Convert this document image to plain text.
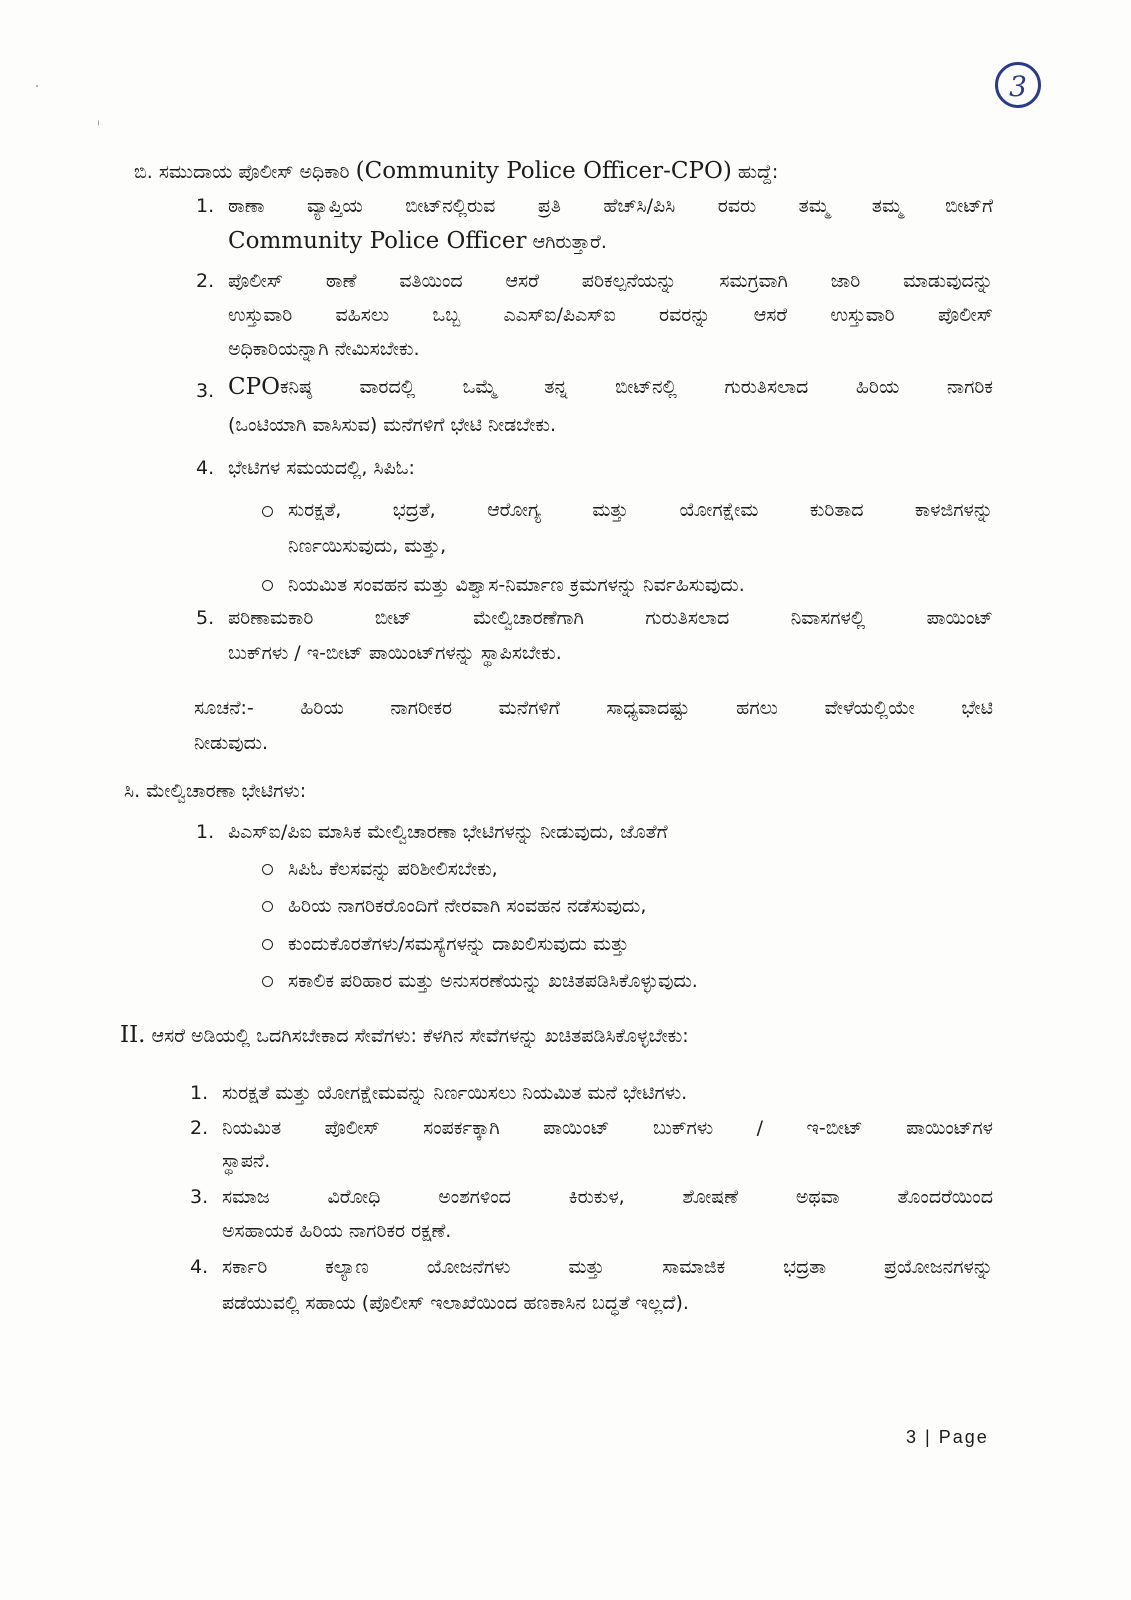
3
ಬಿ. ಸಮುದಾಯ ಪೊಲೀಸ್ ಅಧಿಕಾರಿ (Community Police Officer-CPO) ಹುದ್ದೆ:
1. ಠಾಣಾ ವ್ಯಾಪ್ತಿಯ ಬೀಟ್‌ನಲ್ಲಿರುವ ಪ್ರತಿ ಹೆಚ್‌ಸಿ/ಪಿಸಿ ರವರು ತಮ್ಮ ತಮ್ಮ ಬೀಟ್‌ಗೆ
Community Police Officer ಆಗಿರುತ್ತಾರೆ.
2. ಪೊಲೀಸ್ ಠಾಣೆ ವತಿಯಿಂದ ಆಸರೆ ಪರಿಕಲ್ಪನೆಯನ್ನು ಸಮಗ್ರವಾಗಿ ಜಾರಿ ಮಾಡುವುದನ್ನು
ಉಸ್ತುವಾರಿ ವಹಿಸಲು ಒಬ್ಬ ಎಎಸ್‌ಐ/ಪಿಎಸ್‌ಐ ರವರನ್ನು ಆಸರೆ ಉಸ್ತುವಾರಿ ಪೊಲೀಸ್
ಅಧಿಕಾರಿಯನ್ನಾಗಿ ನೇಮಿಸಬೇಕು.
3. CPO ಕನಿಷ್ಠ ವಾರದಲ್ಲಿ ಒಮ್ಮೆ ತನ್ನ ಬೀಟ್‌ನಲ್ಲಿ ಗುರುತಿಸಲಾದ ಹಿರಿಯ ನಾಗರಿಕ
(ಒಂಟಿಯಾಗಿ ವಾಸಿಸುವ) ಮನೆಗಳಿಗೆ ಭೇಟಿ ನೀಡಬೇಕು.
4. ಭೇಟಿಗಳ ಸಮಯದಲ್ಲಿ, ಸಿಪಿಓ:
ಸುರಕ್ಷತೆ, ಭದ್ರತೆ, ಆರೋಗ್ಯ ಮತ್ತು ಯೋಗಕ್ಷೇಮ ಕುರಿತಾದ ಕಾಳಜಿಗಳನ್ನು
ನಿರ್ಣಯಿಸುವುದು, ಮತ್ತು,
ನಿಯಮಿತ ಸಂವಹನ ಮತ್ತು ವಿಶ್ವಾಸ-ನಿರ್ಮಾಣ ಕ್ರಮಗಳನ್ನು ನಿರ್ವಹಿಸುವುದು.
5. ಪರಿಣಾಮಕಾರಿ ಬೀಟ್ ಮೇಲ್ವಿಚಾರಣೆಗಾಗಿ ಗುರುತಿಸಲಾದ ನಿವಾಸಗಳಲ್ಲಿ ಪಾಯಿಂಟ್
ಬುಕ್‌ಗಳು / ಇ-ಬೀಟ್ ಪಾಯಿಂಟ್‌ಗಳನ್ನು ಸ್ಥಾಪಿಸಬೇಕು.
ಸೂಚನೆ:- ಹಿರಿಯ ನಾಗರೀಕರ ಮನೆಗಳಿಗೆ ಸಾಧ್ಯವಾದಷ್ಟು ಹಗಲು ವೇಳೆಯಲ್ಲಿಯೇ ಭೇಟಿ
ನೀಡುವುದು.
ಸಿ. ಮೇಲ್ವಿಚಾರಣಾ ಭೇಟಿಗಳು:
1. ಪಿಎಸ್‌ಐ/ಪಿಐ ಮಾಸಿಕ ಮೇಲ್ವಿಚಾರಣಾ ಭೇಟಿಗಳನ್ನು ನೀಡುವುದು, ಜೊತೆಗೆ
ಸಿಪಿಓ ಕೆಲಸವನ್ನು ಪರಿಶೀಲಿಸಬೇಕು,
ಹಿರಿಯ ನಾಗರಿಕರೊಂದಿಗೆ ನೇರವಾಗಿ ಸಂವಹನ ನಡೆಸುವುದು,
ಕುಂದುಕೊರತೆಗಳು/ಸಮಸ್ಯೆಗಳನ್ನು ದಾಖಲಿಸುವುದು ಮತ್ತು
ಸಕಾಲಿಕ ಪರಿಹಾರ ಮತ್ತು ಅನುಸರಣೆಯನ್ನು ಖಚಿತಪಡಿಸಿಕೊಳ್ಳುವುದು.
II. ಆಸರೆ ಅಡಿಯಲ್ಲಿ ಒದಗಿಸಬೇಕಾದ ಸೇವೆಗಳು: ಕೆಳಗಿನ ಸೇವೆಗಳನ್ನು ಖಚಿತಪಡಿಸಿಕೊಳ್ಳಬೇಕು:
1. ಸುರಕ್ಷತೆ ಮತ್ತು ಯೋಗಕ್ಷೇಮವನ್ನು ನಿರ್ಣಯಿಸಲು ನಿಯಮಿತ ಮನೆ ಭೇಟಿಗಳು.
2. ನಿಯಮಿತ ಪೊಲೀಸ್ ಸಂಪರ್ಕಕ್ಕಾಗಿ ಪಾಯಿಂಟ್ ಬುಕ್‌ಗಳು / ಇ-ಬೀಟ್ ಪಾಯಿಂಟ್‌ಗಳ
ಸ್ಥಾಪನೆ.
3. ಸಮಾಜ ವಿರೋಧಿ ಅಂಶಗಳಿಂದ ಕಿರುಕುಳ, ಶೋಷಣೆ ಅಥವಾ ತೊಂದರೆಯಿಂದ
ಅಸಹಾಯಕ ಹಿರಿಯ ನಾಗರಿಕರ ರಕ್ಷಣೆ.
4. ಸರ್ಕಾರಿ ಕಲ್ಯಾಣ ಯೋಜನೆಗಳು ಮತ್ತು ಸಾಮಾಜಿಕ ಭದ್ರತಾ ಪ್ರಯೋಜನಗಳನ್ನು
ಪಡೆಯುವಲ್ಲಿ ಸಹಾಯ (ಪೊಲೀಸ್ ಇಲಾಖೆಯಿಂದ ಹಣಕಾಸಿನ ಬದ್ಧತೆ ಇಲ್ಲದೆ).
3 | Page
